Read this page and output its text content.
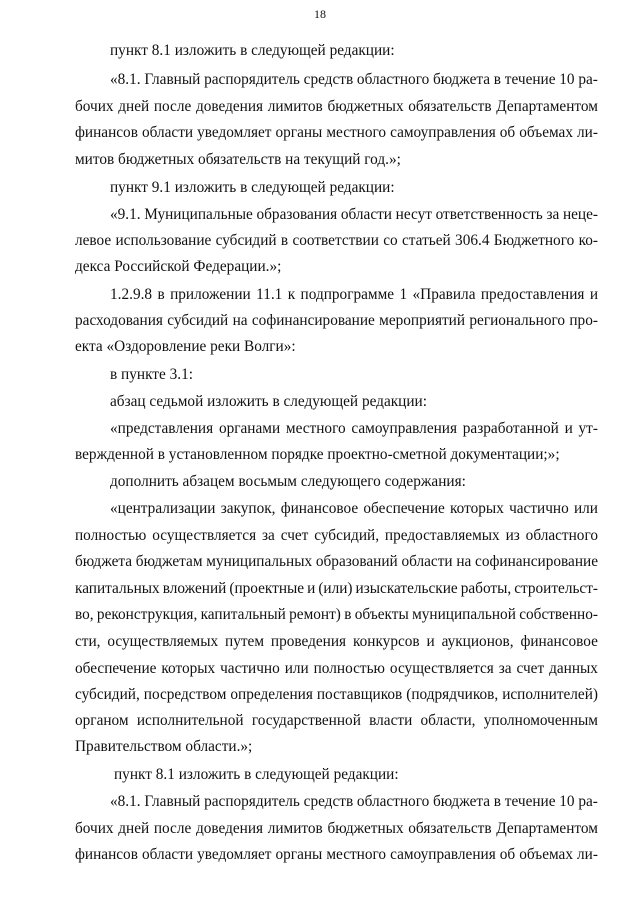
18
пункт 8.1 изложить в следующей редакции:
«8.1. Главный распорядитель средств областного бюджета в течение 10 ра-
бочих дней после доведения лимитов бюджетных обязательств Департаментом
финансов области уведомляет органы местного самоуправления об объемах ли-
митов бюджетных обязательств на текущий год.»;
пункт 9.1 изложить в следующей редакции:
«9.1. Муниципальные образования области несут ответственность за неце-
левое использование субсидий в соответствии со статьей 306.4 Бюджетного ко-
декса Российской Федерации.»;
1.2.9.8 в приложении 11.1 к подпрограмме 1 «Правила предоставления и
расходования субсидий на софинансирование мероприятий регионального про-
екта «Оздоровление реки Волги»:
в пункте 3.1:
абзац седьмой изложить в следующей редакции:
«представления органами местного самоуправления разработанной и ут-
вержденной в установленном порядке проектно-сметной документации;»;
дополнить абзацем восьмым следующего содержания:
«централизации закупок, финансовое обеспечение которых частично или
полностью осуществляется за счет субсидий, предоставляемых из областного
бюджета бюджетам муниципальных образований области на софинансирование
капитальных вложений (проектные и (или) изыскательские работы, строительст-
во, реконструкция, капитальный ремонт) в объекты муниципальной собственно-
сти, осуществляемых путем проведения конкурсов и аукционов, финансовое
обеспечение которых частично или полностью осуществляется за счет данных
субсидий, посредством определения поставщиков (подрядчиков, исполнителей)
органом исполнительной государственной власти области, уполномоченным
Правительством области.»;
пункт 8.1 изложить в следующей редакции:
«8.1. Главный распорядитель средств областного бюджета в течение 10 ра-
бочих дней после доведения лимитов бюджетных обязательств Департаментом
финансов области уведомляет органы местного самоуправления об объемах ли-
